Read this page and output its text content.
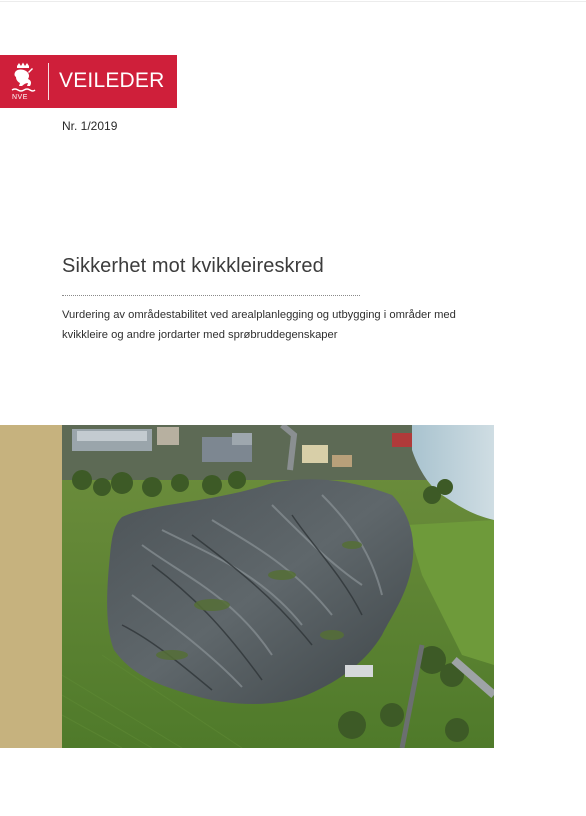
NVE
VEILEDER
Nr. 1/2019
Sikkerhet mot kvikkleireskred
Vurdering av områdestabilitet ved arealplanlegging og utbygging i områder med
kvikkleire og andre jordarter med sprøbruddegenskaper
